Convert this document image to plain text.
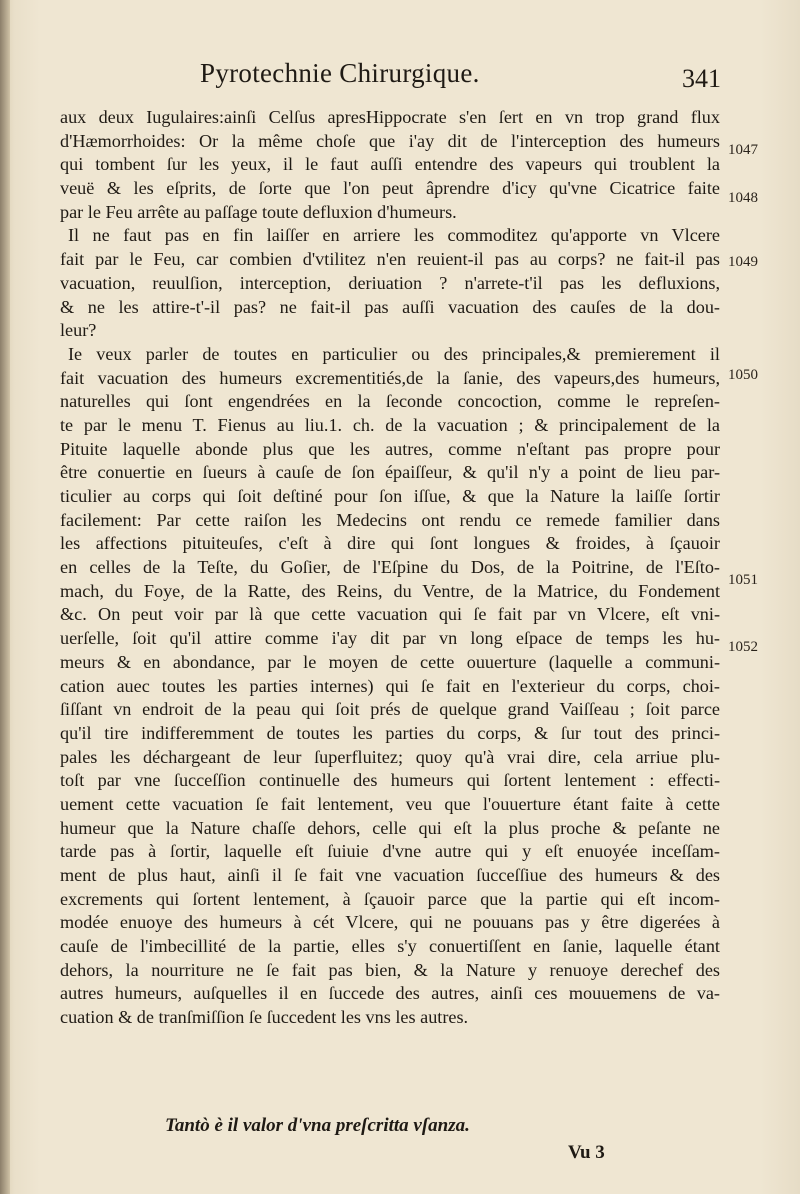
Pyrotechnie Chirurgique.	341
aux deux Iugulaires:ainſi Celſus apresHippocrate s'en ſert en vn trop grand flux
d'Hæmorrhoides: Or la même choſe que i'ay dit de l'interception des humeurs
qui tombent ſur les yeux, il le faut auſſi entendre des vapeurs qui troublent la
veuë & les eſprits, de ſorte que l'on peut âprendre d'icy qu'vne Cicatrice faite
par le Feu arrête au paſſage toute defluxion d'humeurs.
Il ne faut pas en fin laiſſer en arriere les commoditez qu'apporte vn Vlcere
fait par le Feu, car combien d'vtilitez n'en reuient-il pas au corps? ne fait-il pas
vacuation, reuulſion, interception, deriuation ? n'arrete-t'il pas les defluxions,
& ne les attire-t'-il pas? ne fait-il pas auſſi vacuation des cauſes de la dou-
leur?
Ie veux parler de toutes en particulier ou des principales,& premierement il
fait vacuation des humeurs excrementitiés,de la ſanie, des vapeurs,des humeurs,
naturelles qui ſont engendrées en la ſeconde concoction, comme le repreſen-
te par le menu T. Fienus au liu.1. ch. de la vacuation ; & principalement de la
Pituite laquelle abonde plus que les autres, comme n'eſtant pas propre pour
être conuertie en ſueurs à cauſe de ſon épaiſſeur, & qu'il n'y a point de lieu par-
ticulier au corps qui ſoit deſtiné pour ſon iſſue, & que la Nature la laiſſe ſortir
facilement: Par cette raiſon les Medecins ont rendu ce remede familier dans
les affections pituiteuſes, c'eſt à dire qui ſont longues & froides, à ſçauoir
en celles de la Teſte, du Goſier, de l'Eſpine du Dos, de la Poitrine, de l'Eſto-
mach, du Foye, de la Ratte, des Reins, du Ventre, de la Matrice, du Fondement
&c. On peut voir par là que cette vacuation qui ſe fait par vn Vlcere, eſt vni-
uerſelle, ſoit qu'il attire comme i'ay dit par vn long eſpace de temps les hu-
meurs & en abondance, par le moyen de cette ouuerture (laquelle a communi-
cation auec toutes les parties internes) qui ſe fait en l'exterieur du corps, choi-
ſiſſant vn endroit de la peau qui ſoit prés de quelque grand Vaiſſeau ; ſoit parce
qu'il tire indifferemment de toutes les parties du corps, & ſur tout des princi-
pales les déchargeant de leur ſuperfluitez; quoy qu'à vrai dire, cela arriue plu-
toſt par vne ſucceſſion continuelle des humeurs qui ſortent lentement : effecti-
uement cette vacuation ſe fait lentement, veu que l'ouuerture étant faite à cette
humeur que la Nature chaſſe dehors, celle qui eſt la plus proche & peſante ne
tarde pas à ſortir, laquelle eſt ſuiuie d'vne autre qui y eſt enuoyée inceſſam-
ment de plus haut, ainſi il ſe fait vne vacuation ſucceſſiue des humeurs & des
excrements qui ſortent lentement, à ſçauoir parce que la partie qui eſt incom-
modée enuoye des humeurs à cét Vlcere, qui ne pouuans pas y être digerées à
cauſe de l'imbecillité de la partie, elles s'y conuertiſſent en ſanie, laquelle étant
dehors, la nourriture ne ſe fait pas bien, & la Nature y renuoye derechef des
autres humeurs, auſquelles il en ſuccede des autres, ainſi ces mouuemens de va-
cuation & de tranſmiſſion ſe ſuccedent les vns les autres.
1047
1048
1049
1050
1051
1052
Tantò è il valor d'vna preſcritta vſanza.
Vu 3
